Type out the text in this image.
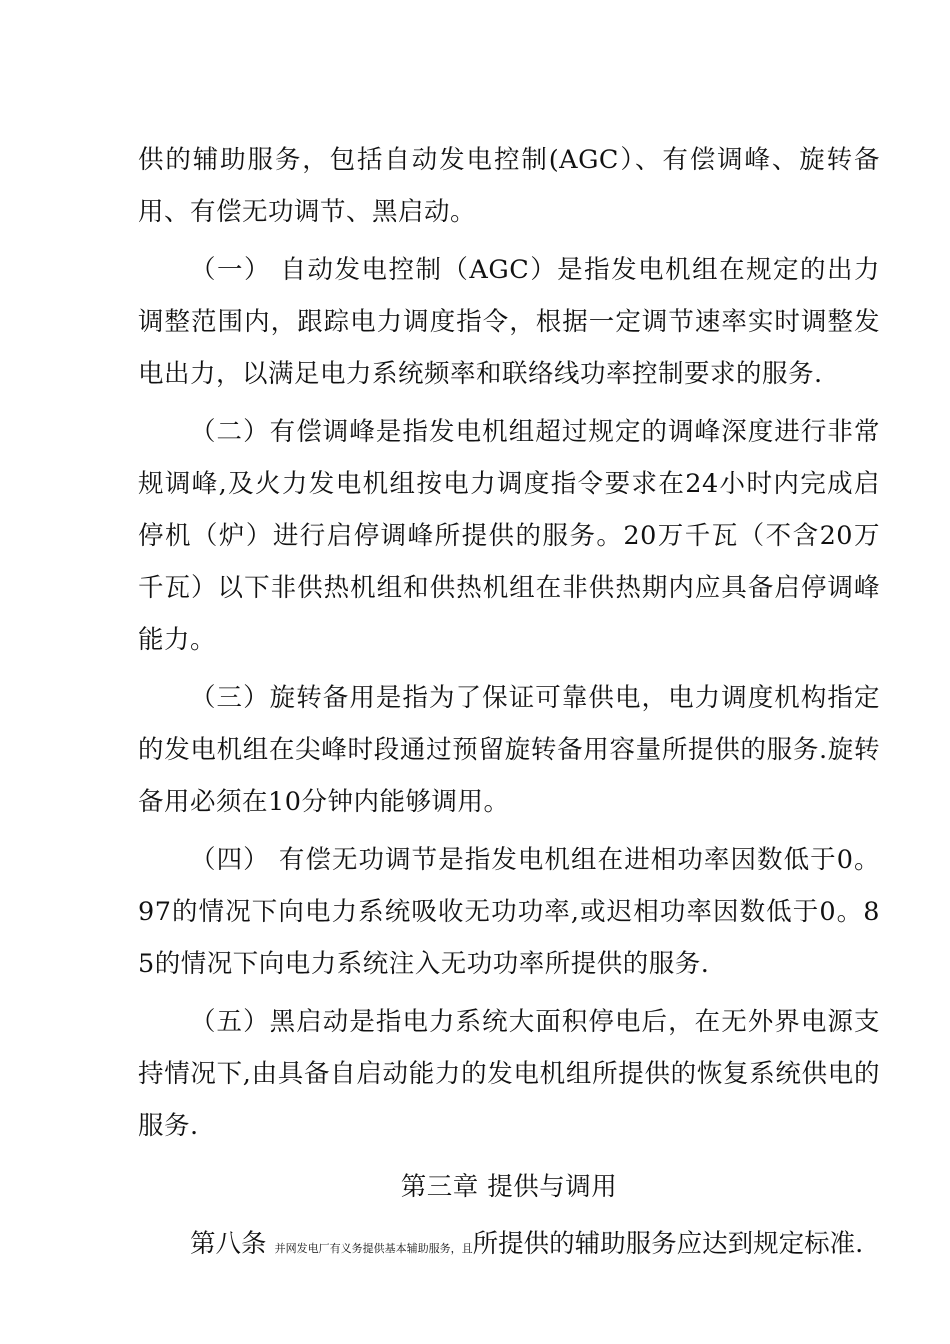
供的辅助服务，包括自动发电控制(AGC）、有偿调峰、旋转备用、有偿无功调节、黑启动。

（一） 自动发电控制（AGC）是指发电机组在规定的出力调整范围内，跟踪电力调度指令，根据一定调节速率实时调整发电出力，以满足电力系统频率和联络线功率控制要求的服务.

（二）有偿调峰是指发电机组超过规定的调峰深度进行非常规调峰,及火力发电机组按电力调度指令要求在24小时内完成启停机（炉）进行启停调峰所提供的服务。20万千瓦（不含20万千瓦）以下非供热机组和供热机组在非供热期内应具备启停调峰能力。

（三）旋转备用是指为了保证可靠供电，电力调度机构指定的发电机组在尖峰时段通过预留旋转备用容量所提供的服务.旋转备用必须在10分钟内能够调用。

（四） 有偿无功调节是指发电机组在进相功率因数低于0。97的情况下向电力系统吸收无功功率,或迟相功率因数低于0。85的情况下向电力系统注入无功功率所提供的服务.

（五）黑启动是指电力系统大面积停电后，在无外界电源支持情况下,由具备自启动能力的发电机组所提供的恢复系统供电的服务.

第三章 提供与调用

第八条 并网发电厂有义务提供基本辅助服务，且所提供的辅助服务应达到规定标准.
